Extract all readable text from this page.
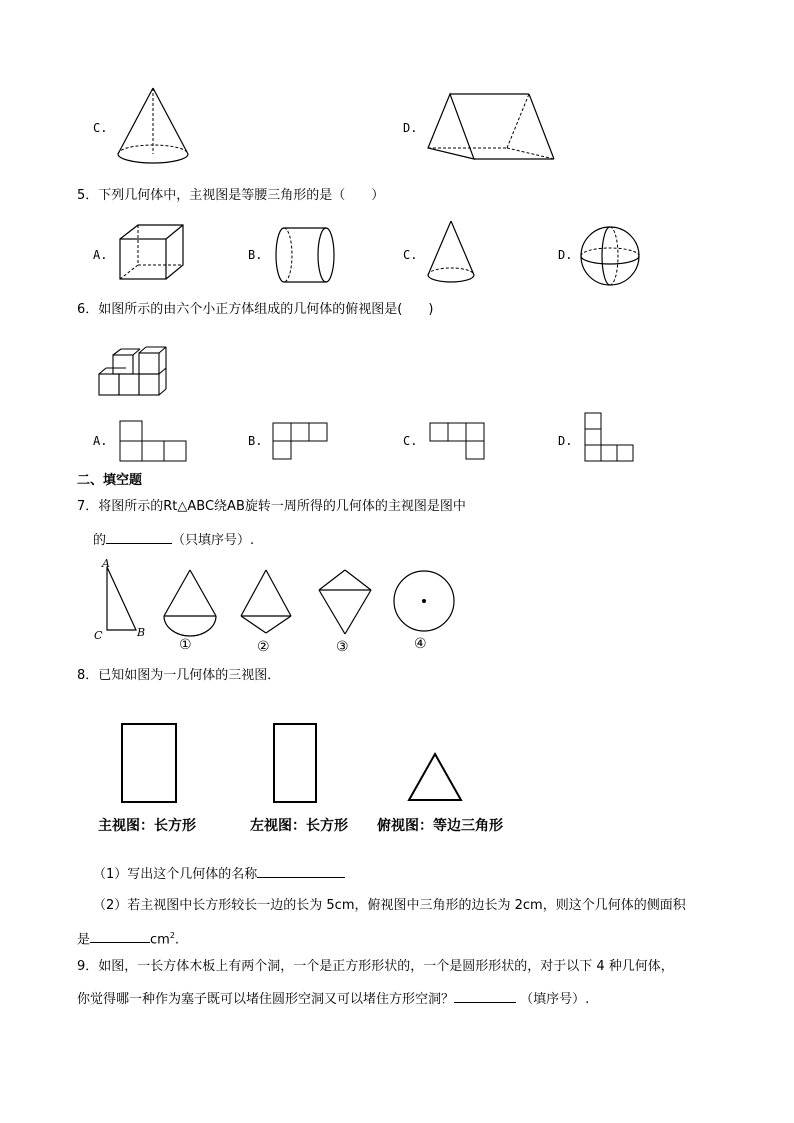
C.	D.
5．下列几何体中，主视图是等腰三角形的是（　　）
A.	B.	C.	D.
6．如图所示的由六个小正方体组成的几何体的俯视图是(　　)
A.	B.	C.	D.
二、填空题
7．将图所示的Rt△ABC绕AB旋转一周所得的几何体的主视图是图中
的	（只填序号）.
A
C	B
①	②	③	④
8．已知如图为一几何体的三视图．
主视图：长方形	左视图：长方形 俯视图：等边三角形
（1）写出这个几何体的名称
（2）若主视图中长方形较长一边的长为 5cm，俯视图中三角形的边长为 2cm，则这个几何体的侧面积
是	$cm^2$.
9．如图，一长方体木板上有两个洞，一个是正方形形状的，一个是圆形形状的，对于以下 4 种几何体，
你觉得哪一种作为塞子既可以堵住圆形空洞又可以堵住方形空洞？	（填序号）.
